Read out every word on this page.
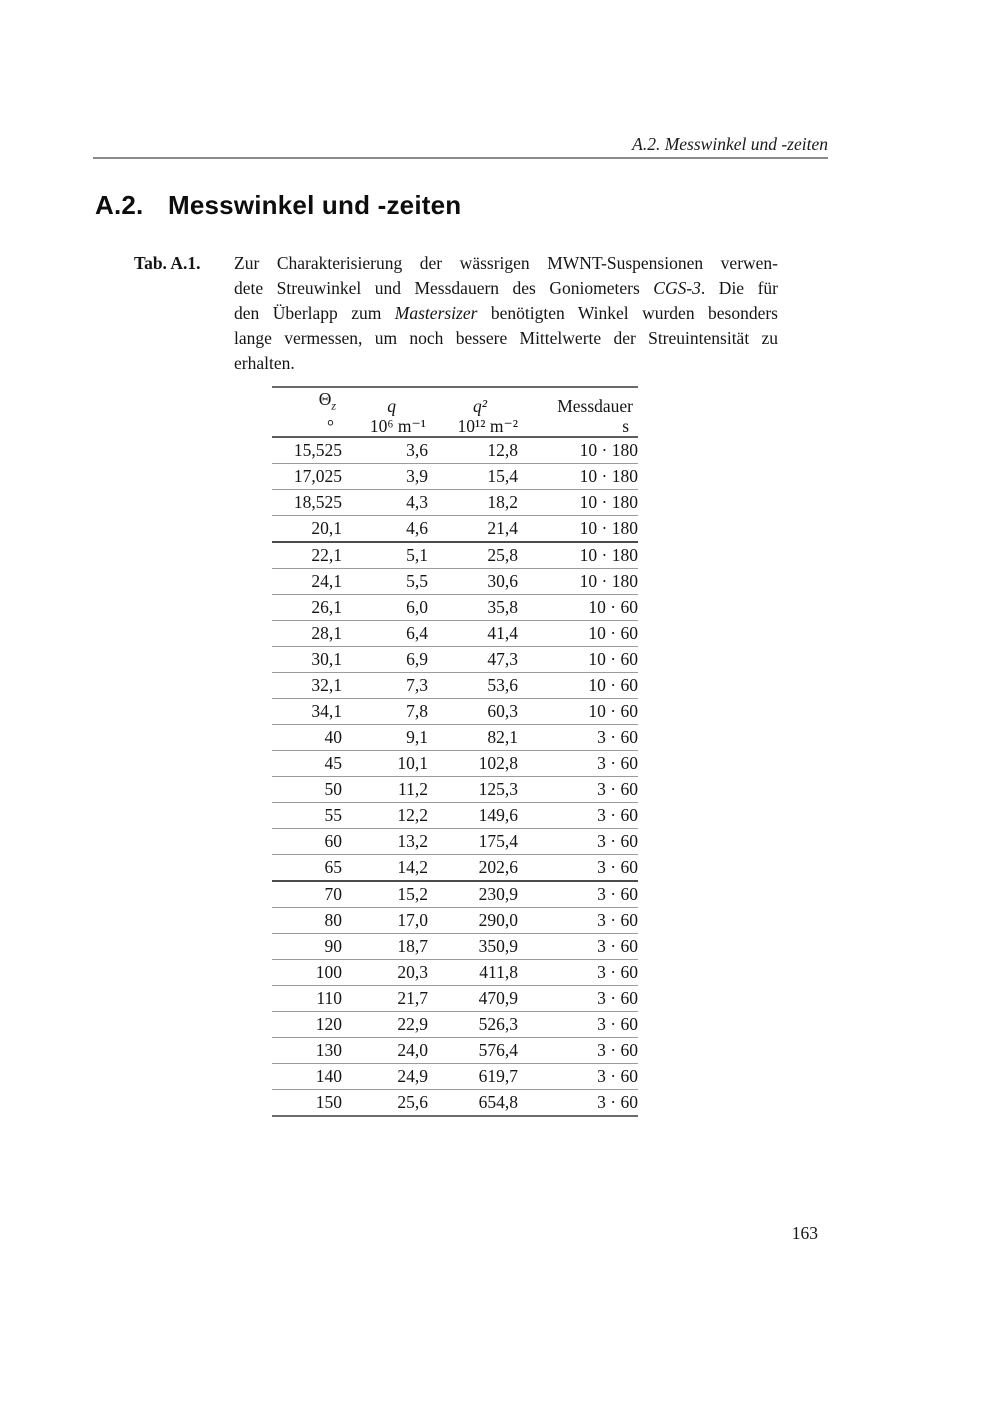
A.2. Messwinkel und -zeiten
A.2. Messwinkel und -zeiten
Tab. A.1. Zur Charakterisierung der wässrigen MWNT-Suspensionen verwen-
dete Streuwinkel und Messdauern des Goniometers CGS-3. Die für
den Überlapp zum Mastersizer benötigten Winkel wurden besonders
lange vermessen, um noch bessere Mittelwerte der Streuintensität zu
erhalten.
$\Theta_z$	q	q²	Messdauer
°	10⁶ m⁻¹	10¹² m⁻²	s
15,525	3,6	12,8	10 · 180
17,025	3,9	15,4	10 · 180
18,525	4,3	18,2	10 · 180
20,1	4,6	21,4	10 · 180
22,1	5,1	25,8	10 · 180
24,1	5,5	30,6	10 · 180
26,1	6,0	35,8	10 · 60
28,1	6,4	41,4	10 · 60
30,1	6,9	47,3	10 · 60
32,1	7,3	53,6	10 · 60
34,1	7,8	60,3	10 · 60
40	9,1	82,1	3 · 60
45	10,1	102,8	3 · 60
50	11,2	125,3	3 · 60
55	12,2	149,6	3 · 60
60	13,2	175,4	3 · 60
65	14,2	202,6	3 · 60
70	15,2	230,9	3 · 60
80	17,0	290,0	3 · 60
90	18,7	350,9	3 · 60
100	20,3	411,8	3 · 60
110	21,7	470,9	3 · 60
120	22,9	526,3	3 · 60
130	24,0	576,4	3 · 60
140	24,9	619,7	3 · 60
150	25,6	654,8	3 · 60
163
